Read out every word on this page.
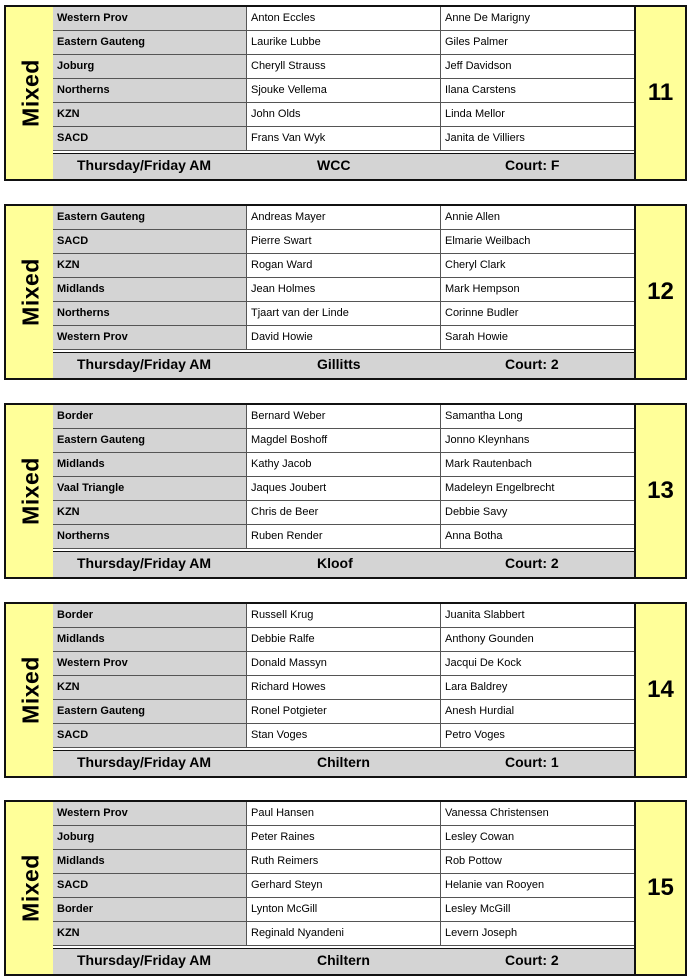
Mixed
Western Prov	Anton Eccles	Anne De Marigny
Eastern Gauteng	Laurike Lubbe	Giles Palmer
Joburg	Cheryll Strauss	Jeff Davidson
Northerns	Sjouke Vellema	Ilana Carstens
KZN	John Olds	Linda Mellor
SACD	Frans Van Wyk	Janita de Villiers
Thursday/Friday AM	WCC	Court: F
11
Mixed
Eastern Gauteng	Andreas Mayer	Annie Allen
SACD	Pierre Swart	Elmarie Weilbach
KZN	Rogan Ward	Cheryl Clark
Midlands	Jean Holmes	Mark Hempson
Northerns	Tjaart van der Linde	Corinne Budler
Western Prov	David Howie	Sarah Howie
Thursday/Friday AM	Gillitts	Court: 2
12
Mixed
Border	Bernard Weber	Samantha Long
Eastern Gauteng	Magdel Boshoff	Jonno Kleynhans
Midlands	Kathy Jacob	Mark Rautenbach
Vaal Triangle	Jaques Joubert	Madeleyn Engelbrecht
KZN	Chris de Beer	Debbie Savy
Northerns	Ruben Render	Anna Botha
Thursday/Friday AM	Kloof	Court: 2
13
Mixed
Border	Russell Krug	Juanita Slabbert
Midlands	Debbie Ralfe	Anthony Gounden
Western Prov	Donald Massyn	Jacqui De Kock
KZN	Richard Howes	Lara Baldrey
Eastern Gauteng	Ronel Potgieter	Anesh Hurdial
SACD	Stan Voges	Petro Voges
Thursday/Friday AM	Chiltern	Court: 1
14
Mixed
Western Prov	Paul Hansen	Vanessa Christensen
Joburg	Peter Raines	Lesley Cowan
Midlands	Ruth Reimers	Rob Pottow
SACD	Gerhard Steyn	Helanie van Rooyen
Border	Lynton McGill	Lesley McGill
KZN	Reginald Nyandeni	Levern Joseph
Thursday/Friday AM	Chiltern	Court: 2
15
